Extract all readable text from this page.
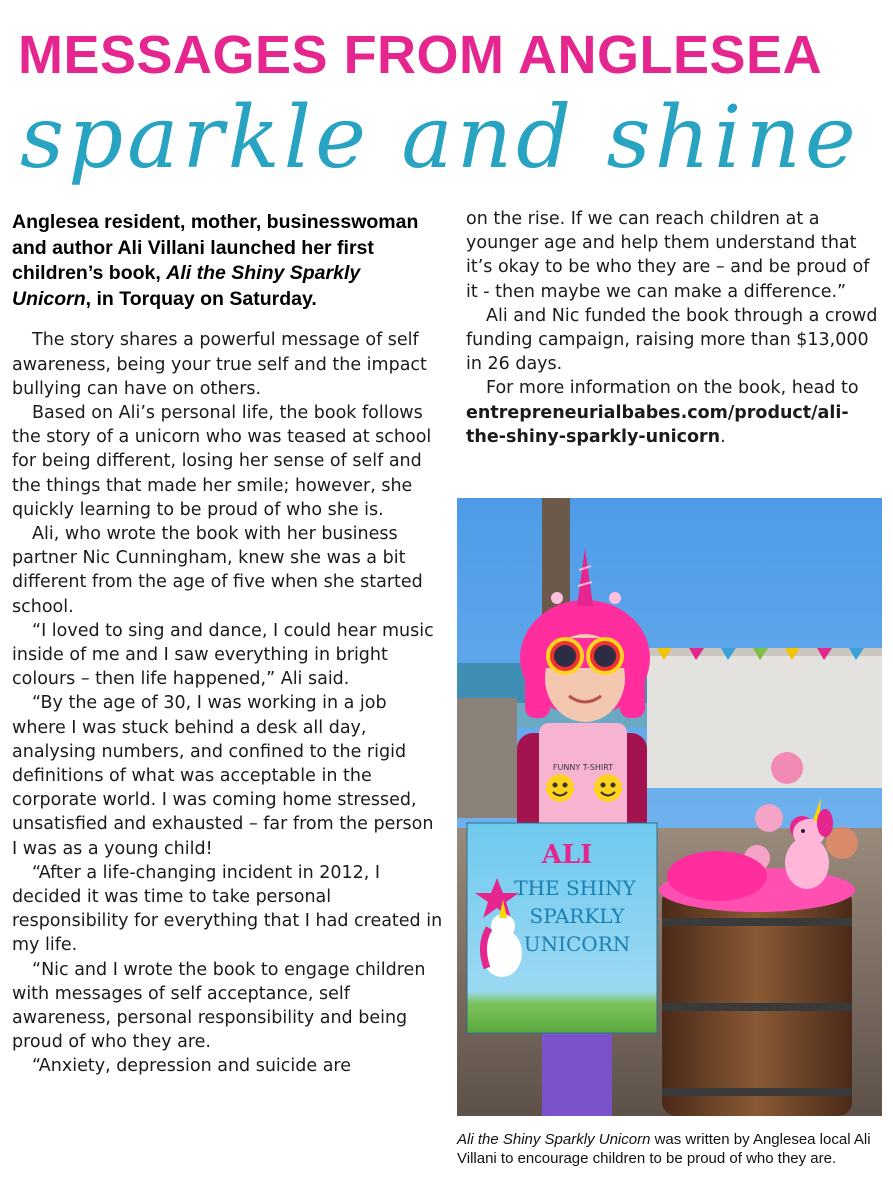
MESSAGES FROM ANGLESEA
sparkle and shine

Anglesea resident, mother, businesswoman and author Ali Villani launched her first children’s book, Ali the Shiny Sparkly Unicorn, in Torquay on Saturday.

The story shares a powerful message of self awareness, being your true self and the impact bullying can have on others.

Based on Ali’s personal life, the book follows the story of a unicorn who was teased at school for being different, losing her sense of self and the things that made her smile; however, she quickly learning to be proud of who she is.

Ali, who wrote the book with her business partner Nic Cunningham, knew she was a bit different from the age of five when she started school.

“I loved to sing and dance, I could hear music inside of me and I saw everything in bright colours – then life happened,” Ali said.

“By the age of 30, I was working in a job where I was stuck behind a desk all day, analysing numbers, and confined to the rigid definitions of what was acceptable in the corporate world. I was coming home stressed, unsatisfied and exhausted – far from the person I was as a young child!

“After a life-changing incident in 2012, I decided it was time to take personal responsibility for everything that I had created in my life.

“Nic and I wrote the book to engage children with messages of self acceptance, self awareness, personal responsibility and being proud of who they are.

“Anxiety, depression and suicide are

on the rise. If we can reach children at a younger age and help them understand that it’s okay to be who they are – and be proud of it - then maybe we can make a difference.”

Ali and Nic funded the book through a crowd funding campaign, raising more than $13,000 in 26 days.

For more information on the book, head to entrepreneurialbabes.com/product/ali-the-shiny-sparkly-unicorn.

FUNNY T-SHIRT
ALI
THE SHINY
SPARKLY
UNICORN
Ali the Shiny Sparkly Unicorn was written by Anglesea local Ali Villani to encourage children to be proud of who they are.
